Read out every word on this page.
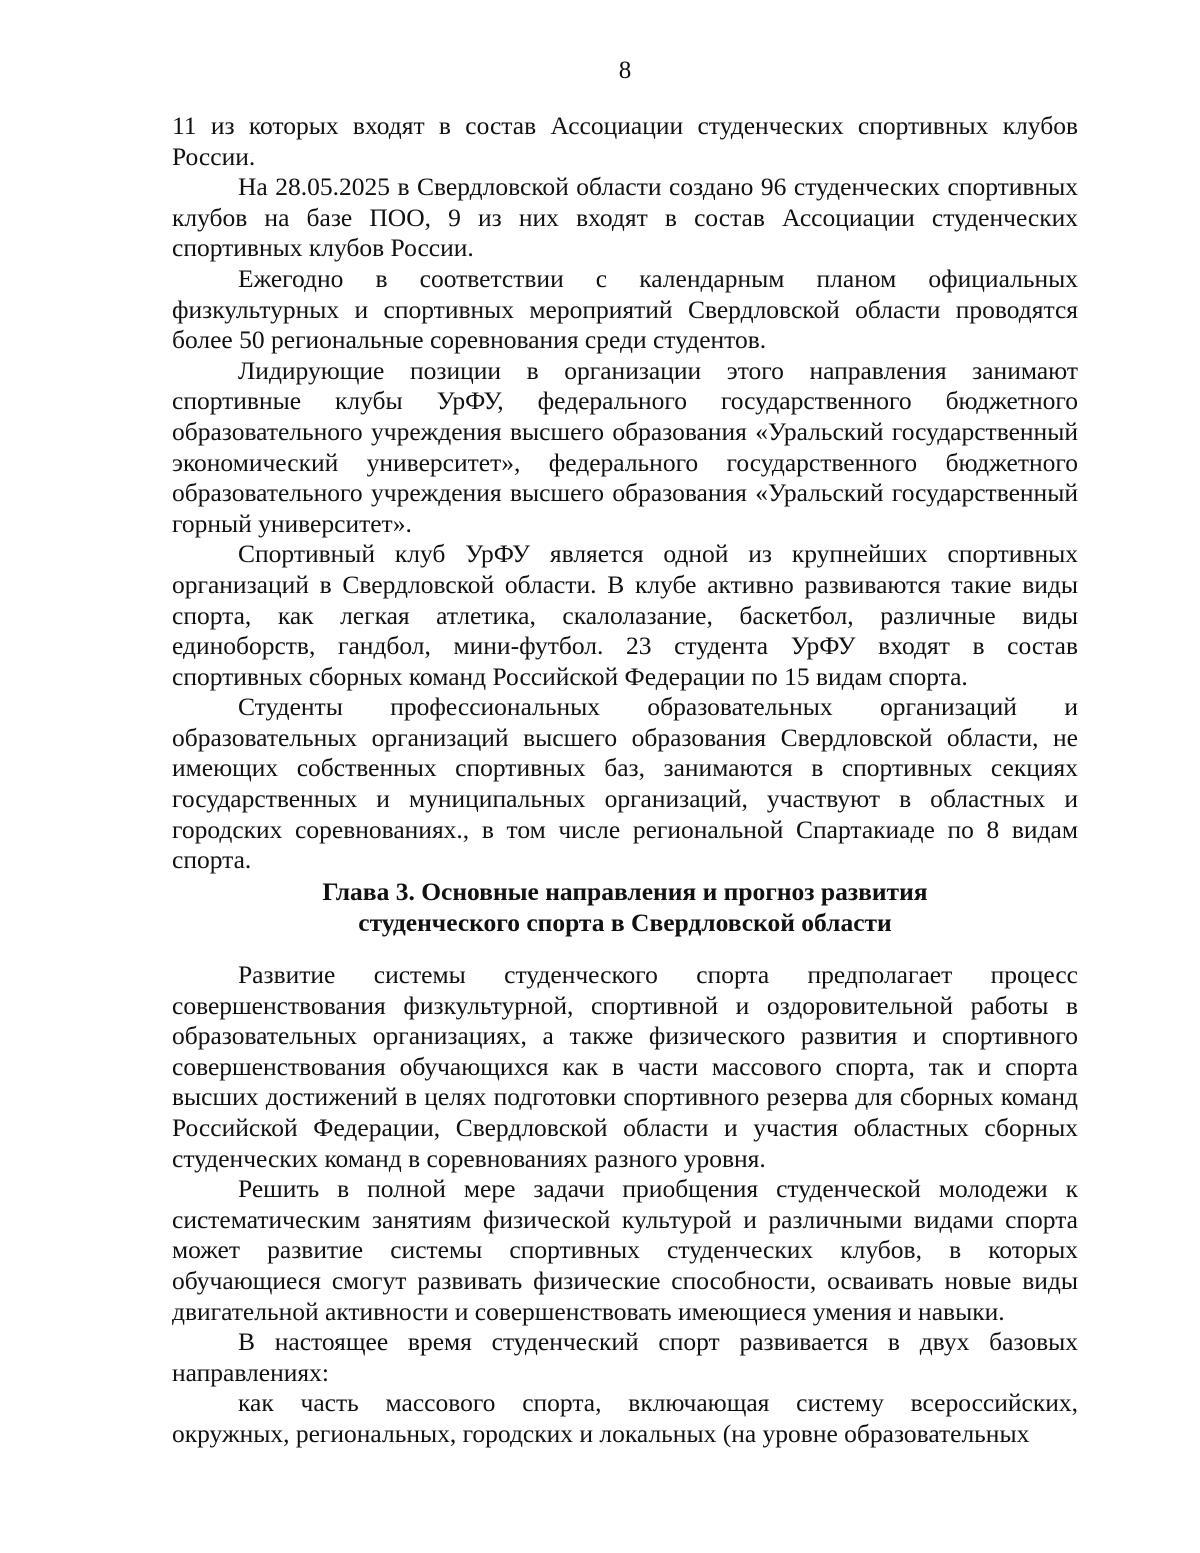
8

11 из которых входят в состав Ассоциации студенческих спортивных клубов России.

На 28.05.2025 в Свердловской области создано 96 студенческих спортивных клубов на базе ПОО, 9 из них входят в состав Ассоциации студенческих спортивных клубов России.

Ежегодно в соответствии с календарным планом официальных физкультурных и спортивных мероприятий Свердловской области проводятся более 50 региональные соревнования среди студентов.

Лидирующие позиции в организации этого направления занимают спортивные клубы УрФУ, федерального государственного бюджетного образовательного учреждения высшего образования «Уральский государственный экономический университет», федерального государственного бюджетного образовательного учреждения высшего образования «Уральский государственный горный университет».

Спортивный клуб УрФУ является одной из крупнейших спортивных организаций в Свердловской области. В клубе активно развиваются такие виды спорта, как легкая атлетика, скалолазание, баскетбол, различные виды единоборств, гандбол, мини-футбол. 23 студента УрФУ входят в состав спортивных сборных команд Российской Федерации по 15 видам спорта.

Студенты профессиональных образовательных организаций и образовательных организаций высшего образования Свердловской области, не имеющих собственных спортивных баз, занимаются в спортивных секциях государственных и муниципальных организаций, участвуют в областных и городских соревнованиях., в том числе региональной Спартакиаде по 8 видам спорта.

Глава 3. Основные направления и прогноз развития
студенческого спорта в Свердловской области

Развитие системы студенческого спорта предполагает процесс совершенствования физкультурной, спортивной и оздоровительной работы в образовательных организациях, а также физического развития и спортивного совершенствования обучающихся как в части массового спорта, так и спорта высших достижений в целях подготовки спортивного резерва для сборных команд Российской Федерации, Свердловской области и участия областных сборных студенческих команд в соревнованиях разного уровня.

Решить в полной мере задачи приобщения студенческой молодежи к систематическим занятиям физической культурой и различными видами спорта может развитие системы спортивных студенческих клубов, в которых обучающиеся смогут развивать физические способности, осваивать новые виды двигательной активности и совершенствовать имеющиеся умения и навыки.

В настоящее время студенческий спорт развивается в двух базовых направлениях:

как часть массового спорта, включающая систему всероссийских, окружных, региональных, городских и локальных (на уровне образовательных
